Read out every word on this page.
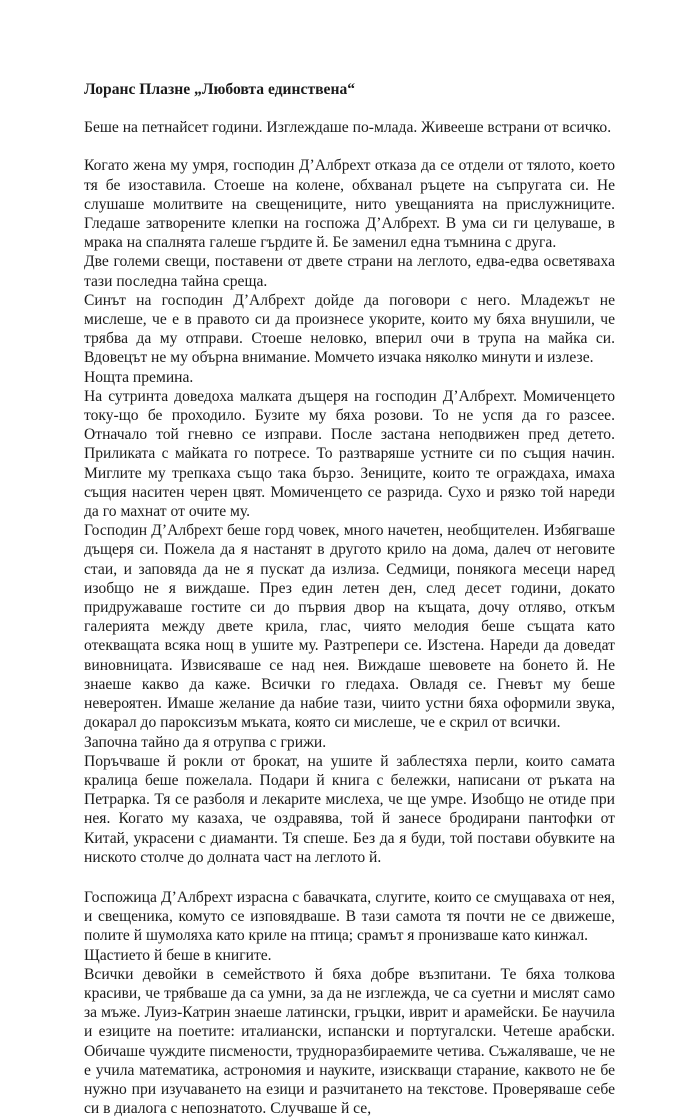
Лоранс Плазне „Любовта единствена“

Беше на петнайсет години. Изглеждаше по-млада. Живееше встрани от всичко.

Когато жена му умря, господин Д’Албрехт отказа да се отдели от тялото, което тя бе изоставила. Стоеше на колене, обхванал ръцете на съпругата си. Не слушаше молитвите на свещениците, нито увещанията на прислужниците. Гледаше затворените клепки на госпожа Д’Албрехт. В ума си ги целуваше, в мрака на спалнята галеше гърдите й. Бе заменил една тъмнина с друга.

Две големи свещи, поставени от двете страни на леглото, едва-едва осветяваха тази последна тайна среща.

Синът на господин Д’Албрехт дойде да поговори с него. Младежът не мислеше, че е в правото си да произнесе укорите, които му бяха внушили, че трябва да му отправи. Стоеше неловко, вперил очи в трупа на майка си. Вдовецът не му обърна внимание. Момчето изчака няколко минути и излезе.

Нощта премина.

На сутринта доведоха малката дъщеря на господин Д’Албрехт. Момиченцето току-що бе проходило. Бузите му бяха розови. То не успя да го разсее. Отначало той гневно се изправи. После застана неподвижен пред детето. Приликата с майката го потресе. То разтваряше устните си по същия начин. Миглите му трепкаха също така бързо. Зениците, които те ограждаха, имаха същия наситен черен цвят. Момиченцето се разрида. Сухо и рязко той нареди да го махнат от очите му.

Господин Д’Албрехт беше горд човек, много начетен, необщителен. Избягваше дъщеря си. Пожела да я настанят в другото крило на дома, далеч от неговите стаи, и заповяда да не я пускат да излиза. Седмици, понякога месеци наред изобщо не я виждаше. През един летен ден, след десет години, докато придружаваше гостите си до първия двор на къщата, дочу отляво, откъм галерията между двете крила, глас, чиято мелодия беше същата като отекващата всяка нощ в ушите му. Разтрепери се. Изстена. Нареди да доведат виновницата. Извисяваше се над нея. Виждаше шевовете на бонето й. Не знаеше какво да каже. Всички го гледаха. Овладя се. Гневът му беше невероятен. Имаше желание да набие тази, чиито устни бяха оформили звука, докарал до пароксизъм мъката, която си мислеше, че е скрил от всички.

Започна тайно да я отрупва с грижи.

Поръчваше й рокли от брокат, на ушите й заблестяха перли, които самата кралица беше пожелала. Подари й книга с бележки, написани от ръката на Петрарка. Тя се разболя и лекарите мислеха, че ще умре. Изобщо не отиде при нея. Когато му казаха, че оздравява, той й занесе бродирани пантофки от Китай, украсени с диаманти. Тя спеше. Без да я буди, той постави обувките на ниското столче до долната част на леглото й.

Госпожица Д’Албрехт израсна с бавачката, слугите, които се смущаваха от нея, и свещеника, комуто се изповядваше. В тази самота тя почти не се движеше, полите й шумоляха като криле на птица; срамът я пронизваше като кинжал.

Щастието й беше в книгите.

Всички девойки в семейството й бяха добре възпитани. Те бяха толкова красиви, че трябваше да са умни, за да не изглежда, че са суетни и мислят само за мъже. Луиз-Катрин знаеше латински, гръцки, иврит и арамейски. Бе научила и езиците на поетите: италиански, испански и португалски. Четеше арабски. Обичаше чуждите писмености, трудноразбираемите четива. Съжаляваше, че не е учила математика, астрономия и науките, изискващи старание, каквото не бе нужно при изучаването на езици и разчитането на текстове. Проверяваше себе си в диалога с непознатото. Случваше й се,
